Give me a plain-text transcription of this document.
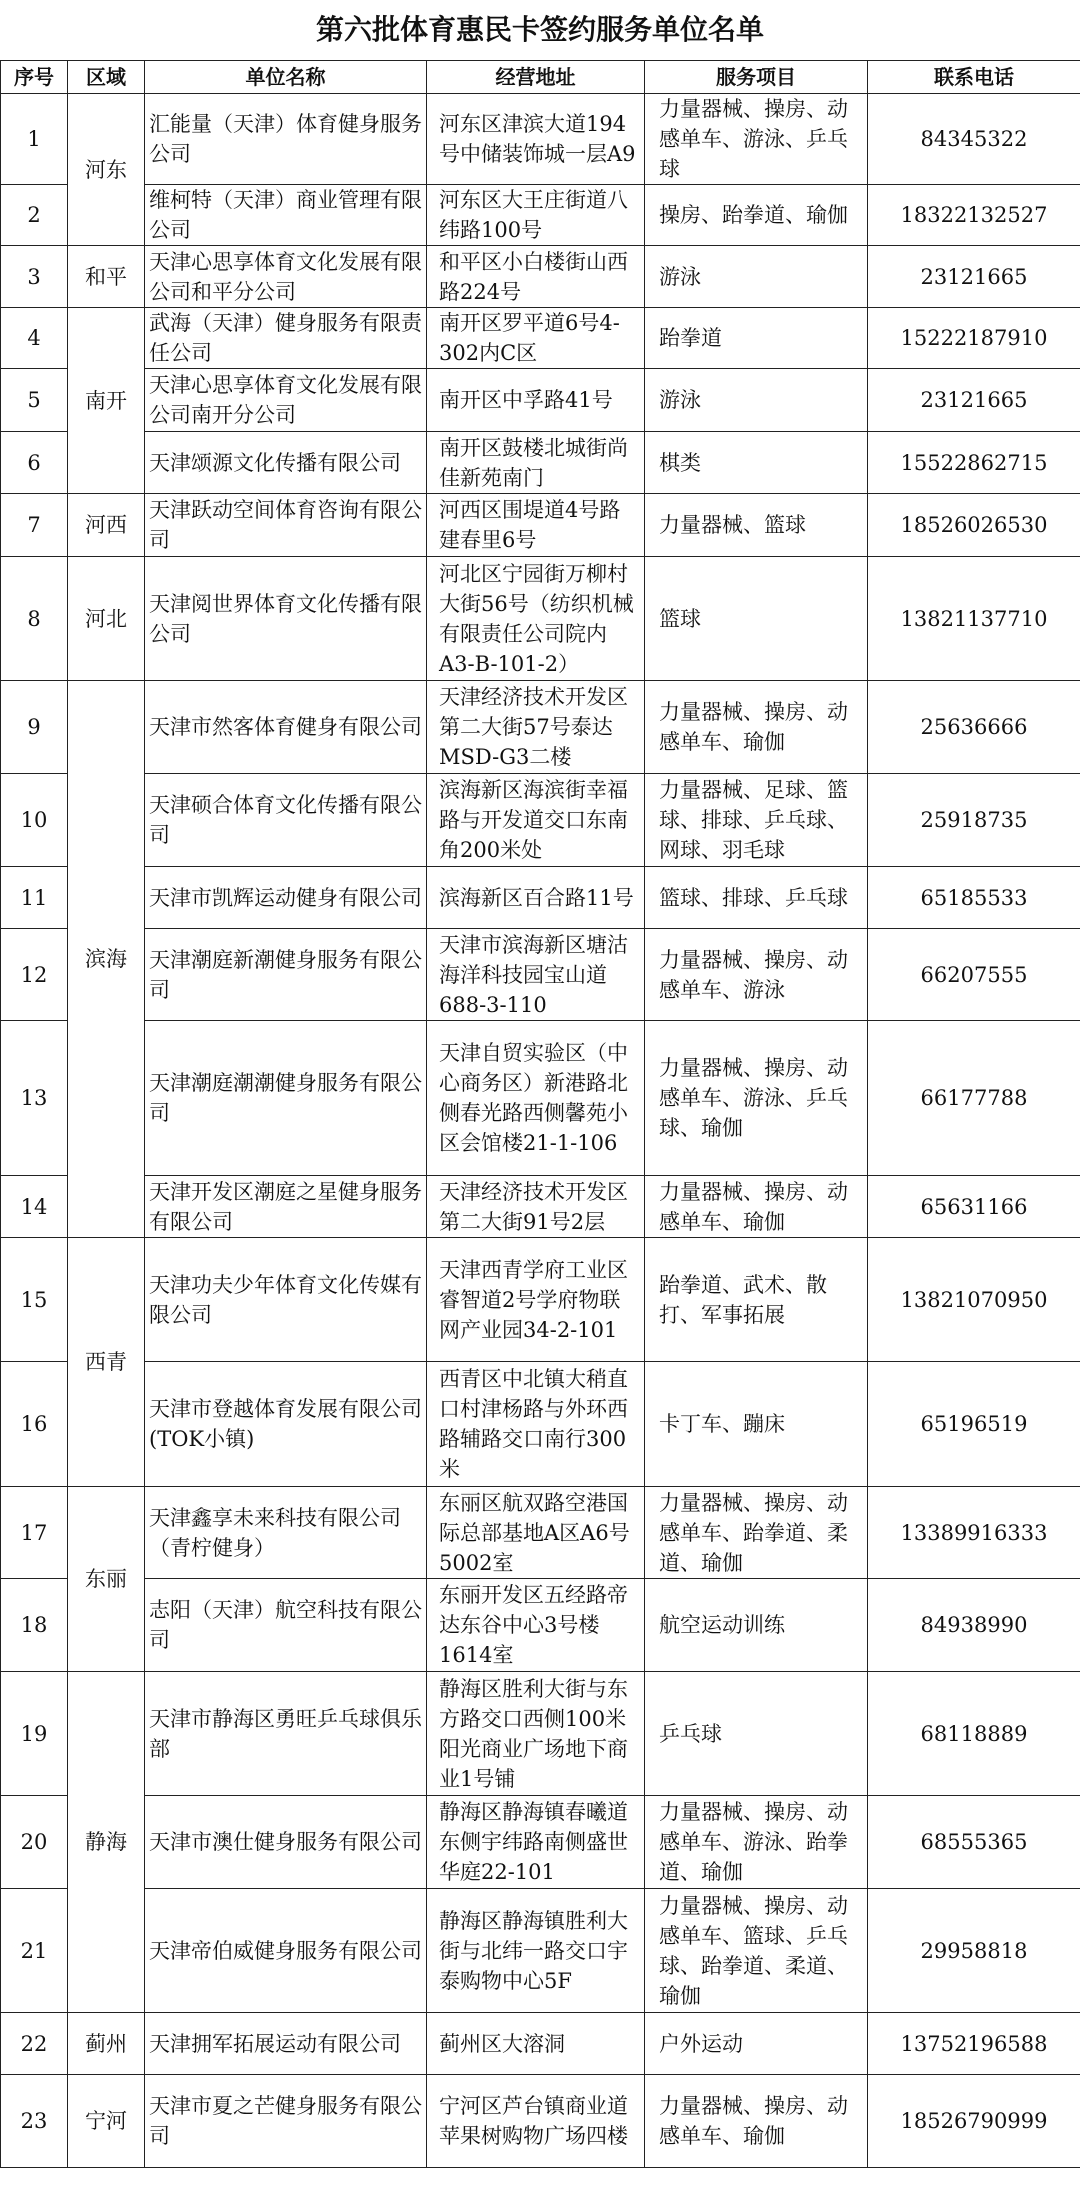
第六批体育惠民卡签约服务单位名单
序号	区域	单位名称	经营地址	服务项目	联系电话
1	河东	汇能量（天津）体育健身服务公司	河东区津滨大道194号中储装饰城一层A9	力量器械、操房、动感单车、游泳、乒乓球	84345322
2		维柯特（天津）商业管理有限公司	河东区大王庄街道八纬路100号	操房、跆拳道、瑜伽	18322132527
3	和平	天津心思享体育文化发展有限公司和平分公司	和平区小白楼街山西路224号	游泳	23121665
4	南开	武海（天津）健身服务有限责任公司	南开区罗平道6号4-302内C区	跆拳道	15222187910
5		天津心思享体育文化发展有限公司南开分公司	南开区中孚路41号	游泳	23121665
6		天津颂源文化传播有限公司	南开区鼓楼北城街尚佳新苑南门	棋类	15522862715
7	河西	天津跃动空间体育咨询有限公司	河西区围堤道4号路建春里6号	力量器械、篮球	18526026530
8	河北	天津阅世界体育文化传播有限公司	河北区宁园街万柳村大街56号（纺织机械有限责任公司院内A3-B-101-2）	篮球	13821137710
9	滨海	天津市然客体育健身有限公司	天津经济技术开发区第二大街57号泰达MSD-G3二楼	力量器械、操房、动感单车、瑜伽	25636666
10		天津硕合体育文化传播有限公司	滨海新区海滨街幸福路与开发道交口东南角200米处	力量器械、足球、篮球、排球、乒乓球、网球、羽毛球	25918735
11		天津市凯辉运动健身有限公司	滨海新区百合路11号	篮球、排球、乒乓球	65185533
12		天津潮庭新潮健身服务有限公司	天津市滨海新区塘沽海洋科技园宝山道688-3-110	力量器械、操房、动感单车、游泳	66207555
13		天津潮庭潮潮健身服务有限公司	天津自贸实验区（中心商务区）新港路北侧春光路西侧馨苑小区会馆楼21-1-106	力量器械、操房、动感单车、游泳、乒乓球、瑜伽	66177788
14		天津开发区潮庭之星健身服务有限公司	天津经济技术开发区第二大街91号2层	力量器械、操房、动感单车、瑜伽	65631166
15	西青	天津功夫少年体育文化传媒有限公司	天津西青学府工业区睿智道2号学府物联网产业园34-2-101	跆拳道、武术、散打、军事拓展	13821070950
16		天津市登越体育发展有限公司(TOK小镇)	西青区中北镇大稍直口村津杨路与外环西路辅路交口南行300米	卡丁车、蹦床	65196519
17	东丽	天津鑫享未来科技有限公司（青柠健身）	东丽区航双路空港国际总部基地A区A6号5002室	力量器械、操房、动感单车、跆拳道、柔道、瑜伽	13389916333
18		志阳（天津）航空科技有限公司	东丽开发区五经路帝达东谷中心3号楼1614室	航空运动训练	84938990
19	静海	天津市静海区勇旺乒乓球俱乐部	静海区胜利大街与东方路交口西侧100米阳光商业广场地下商业1号铺	乒乓球	68118889
20		天津市澳仕健身服务有限公司	静海区静海镇春曦道东侧宇纬路南侧盛世华庭22-101	力量器械、操房、动感单车、游泳、跆拳道、瑜伽	68555365
21		天津帝伯威健身服务有限公司	静海区静海镇胜利大街与北纬一路交口宇泰购物中心5F	力量器械、操房、动感单车、篮球、乒乓球、跆拳道、柔道、瑜伽	29958818
22	蓟州	天津拥军拓展运动有限公司	蓟州区大溶洞	户外运动	13752196588
23	宁河	天津市夏之芒健身服务有限公司	宁河区芦台镇商业道苹果树购物广场四楼	力量器械、操房、动感单车、瑜伽	18526790999
